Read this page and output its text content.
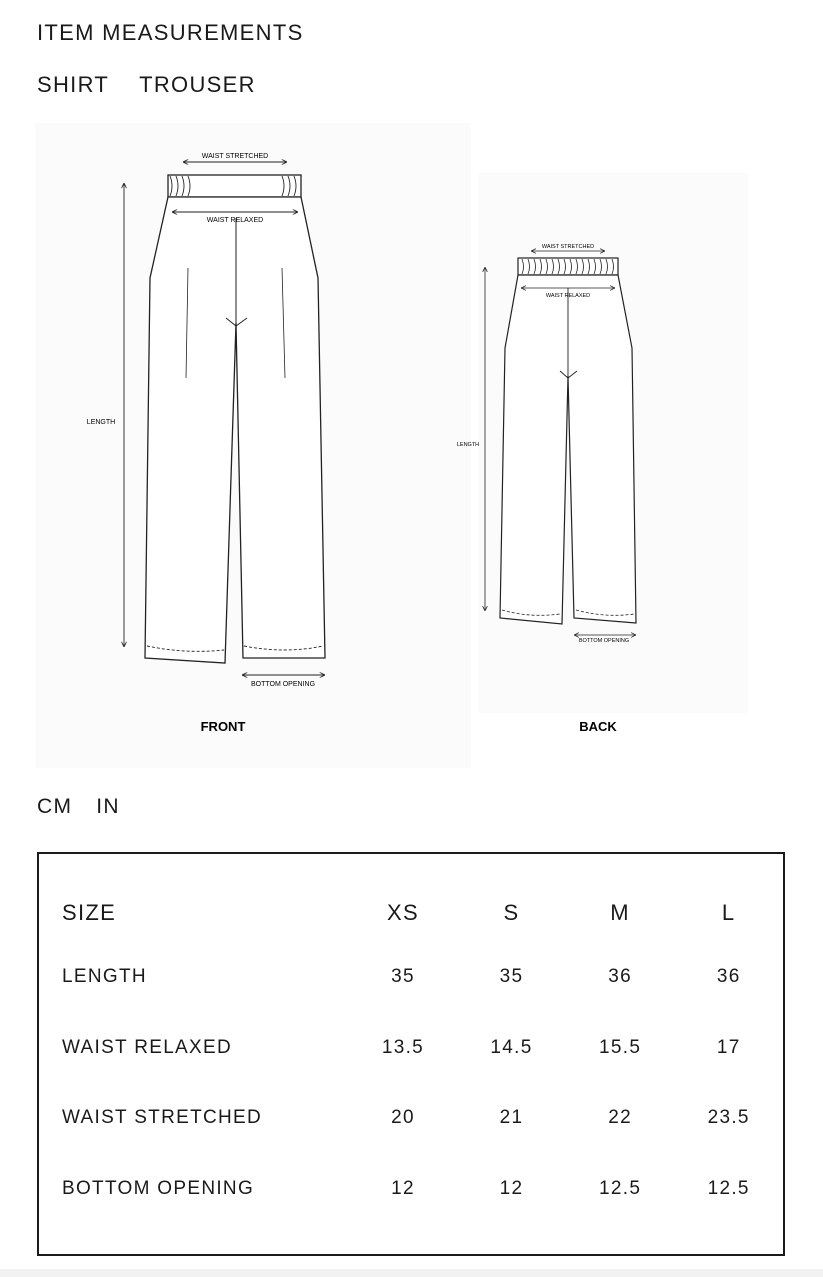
ITEM MEASUREMENTS
SHIRT TROUSER
WAIST STRETCHED
WAIST RELAXED
LENGTH
BOTTOM OPENING
FRONT
WAIST STRETCHED
WAIST RELAXED
LENGTH
BOTTOM OPENING
BACK
CM IN
SIZE	XS	S	M	L
LENGTH	35	35	36	36
WAIST RELAXED	13.5	14.5	15.5	17
WAIST STRETCHED	20	21	22	23.5
BOTTOM OPENING	12	12	12.5	12.5
